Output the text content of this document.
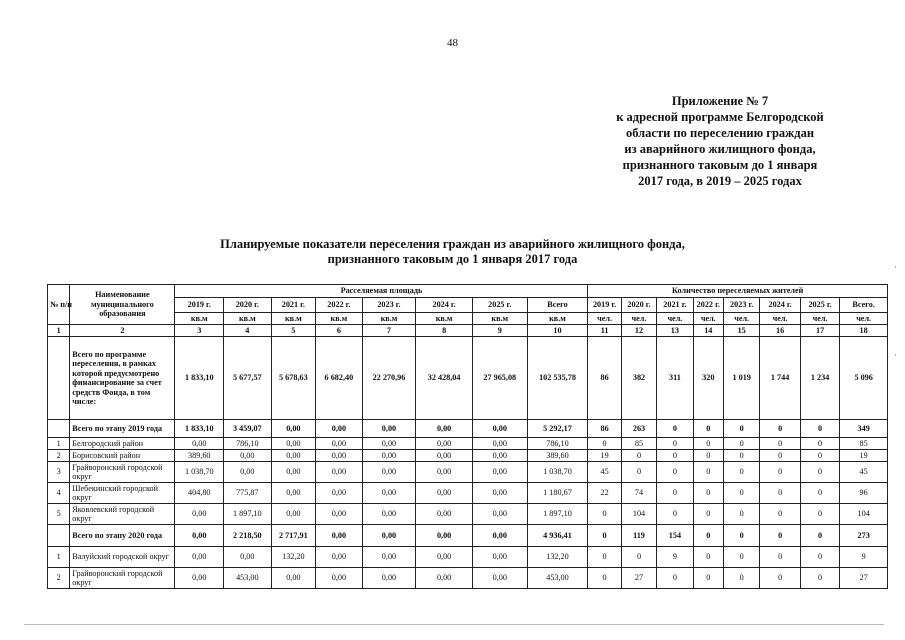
48
Приложение № 7
к адресной программе Белгородской
области по переселению граждан
из аварийного жилищного фонда,
признанного таковым до 1 января
2017 года, в 2019 – 2025 годах
Планируемые показатели переселения граждан из аварийного жилищного фонда,
признанного таковым до 1 января 2017 года
№ п/п	Наименование муниципального образования	Расселяемая площадь								Количество переселяемых жителей							
		2019 г.	2020 г.	2021 г.	2022 г.	2023 г.	2024 г.	2025 г.	Всего	2019 г.	2020 г.	2021 г.	2022 г.	2023 г.	2024 г.	2025 г.	Всего.
		кв.м	кв.м	кв.м	кв.м	кв.м	кв.м	кв.м	кв.м	чел.	чел.	чел.	чел.	чел.	чел.	чел.	чел.
1	2	3	4	5	6	7	8	9	10	11	12	13	14	15	16	17	18
	Всего по программе переселения, в рамках которой предусмотрено финансирование за счет средств Фонда, в том числе:	1 833,10	5 677,57	5 678,63	6 682,40	22 270,96	32 428,04	27 965,08	102 535,78	86	382	311	320	1 019	1 744	1 234	5 096
	Всего по этапу 2019 года	1 833,10	3 459,07	0,00	0,00	0,00	0,00	0,00	5 292,17	86	263	0	0	0	0	0	349
1	Белгородский район	0,00	786,10	0,00	0,00	0,00	0,00	0,00	786,10	0	85	0	0	0	0	0	85
2	Борисовский район	389,60	0,00	0,00	0,00	0,00	0,00	0,00	389,60	19	0	0	0	0	0	0	19
3	Грайворонский городской округ	1 038,70	0,00	0,00	0,00	0,00	0,00	0,00	1 038,70	45	0	0	0	0	0	0	45
4	Шебекинский городской округ	404,80	775,87	0,00	0,00	0,00	0,00	0,00	1 180,67	22	74	0	0	0	0	0	96
5	Яковлевский городской округ	0,00	1 897,10	0,00	0,00	0,00	0,00	0,00	1 897,10	0	104	0	0	0	0	0	104
	Всего по этапу 2020 года	0,00	2 218,50	2 717,91	0,00	0,00	0,00	0,00	4 936,41	0	119	154	0	0	0	0	273
1	Валуйский городской округ	0,00	0,00	132,20	0,00	0,00	0,00	0,00	132,20	0	0	9	0	0	0	0	9
2	Грайворонский городской округ	0,00	453,00	0,00	0,00	0,00	0,00	0,00	453,00	0	27	0	0	0	0	0	27
·
·
